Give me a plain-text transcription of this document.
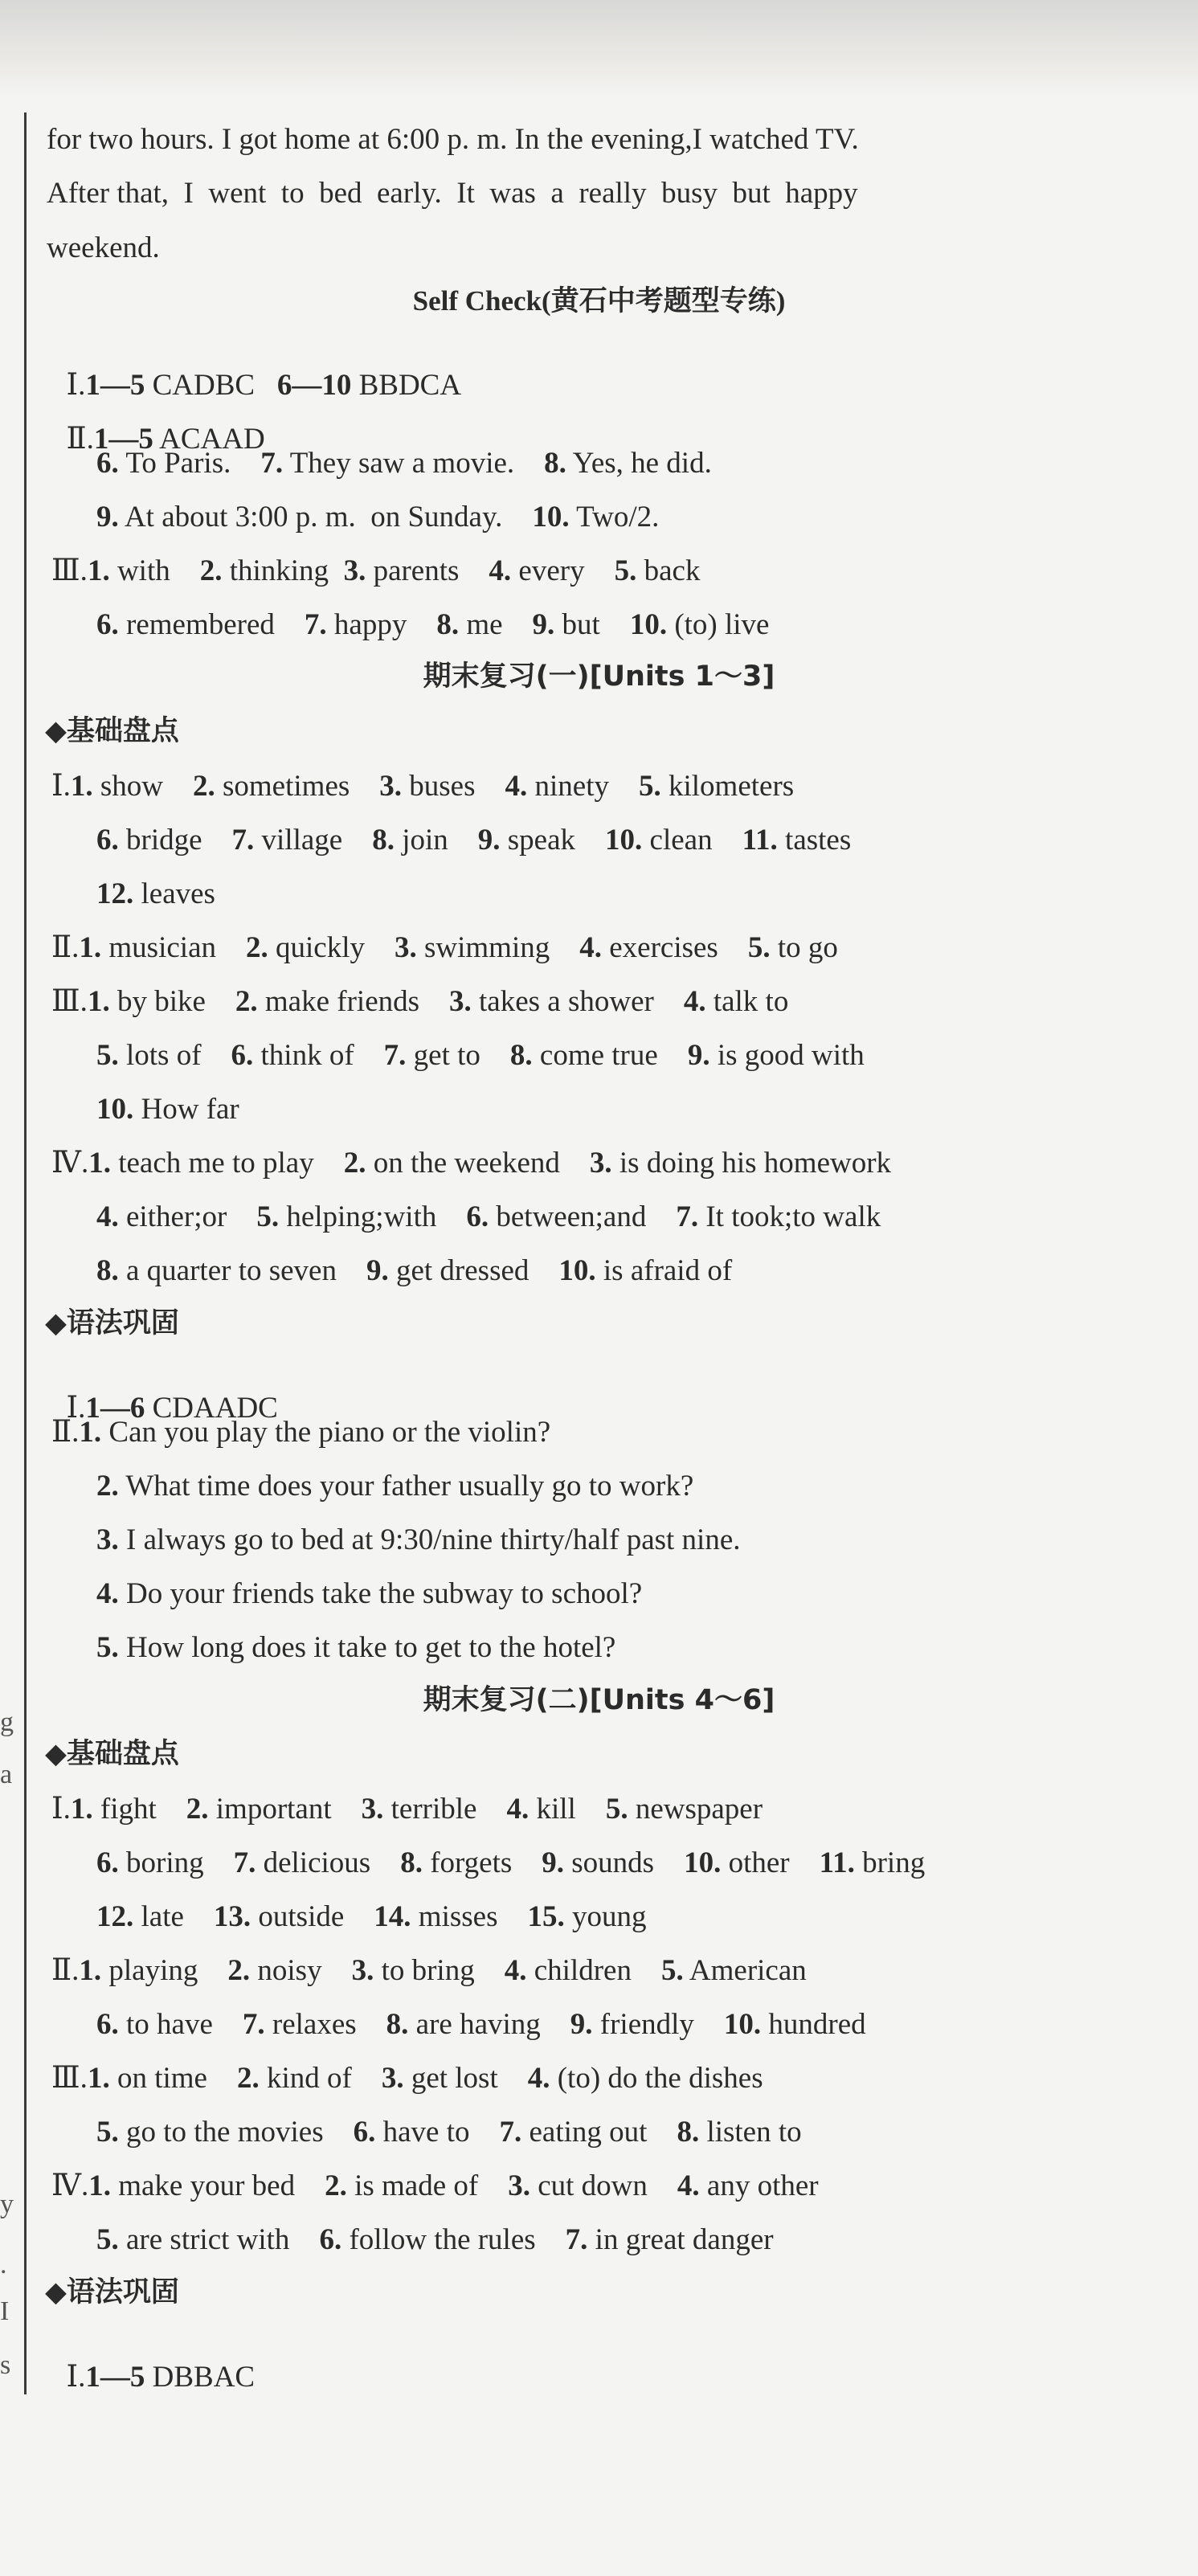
g
a
y
.
I
s
for two hours. I got home at 6:00 p. m. In the evening,I watched TV.
After that,  I  went  to  bed  early.  It  was  a  really  busy  but  happy
weekend.
Self Check(黄石中考题型专练)

Ⅰ.1—5 CADBC   6—10 BBDCA

Ⅱ.1—5 ACAAD

6. To Paris.    7. They saw a movie.    8. Yes, he did.
9. At about 3:00 p. m.  on Sunday.    10. Two/2.
Ⅲ.1. with    2. thinking  3. parents    4. every    5. back
6. remembered    7. happy    8. me    9. but    10. (to) live
期末复习(一)[Units 1～3]
◆基础盘点
Ⅰ.1. show    2. sometimes    3. buses    4. ninety    5. kilometers
6. bridge    7. village    8. join    9. speak    10. clean    11. tastes
12. leaves
Ⅱ.1. musician    2. quickly    3. swimming    4. exercises    5. to go
Ⅲ.1. by bike    2. make friends    3. takes a shower    4. talk to
5. lots of    6. think of    7. get to    8. come true    9. is good with
10. How far
Ⅳ.1. teach me to play    2. on the weekend    3. is doing his homework
4. either;or    5. helping;with    6. between;and    7. It took;to walk
8. a quarter to seven    9. get dressed    10. is afraid of
◆语法巩固

Ⅰ.1—6 CDAADC

Ⅱ.1. Can you play the piano or the violin?
2. What time does your father usually go to work?
3. I always go to bed at 9:30/nine thirty/half past nine.
4. Do your friends take the subway to school?
5. How long does it take to get to the hotel?
期末复习(二)[Units 4～6]
◆基础盘点
Ⅰ.1. fight    2. important    3. terrible    4. kill    5. newspaper
6. boring    7. delicious    8. forgets    9. sounds    10. other    11. bring
12. late    13. outside    14. misses    15. young
Ⅱ.1. playing    2. noisy    3. to bring    4. children    5. American
6. to have    7. relaxes    8. are having    9. friendly    10. hundred
Ⅲ.1. on time    2. kind of    3. get lost    4. (to) do the dishes
5. go to the movies    6. have to    7. eating out    8. listen to
Ⅳ.1. make your bed    2. is made of    3. cut down    4. any other
5. are strict with    6. follow the rules    7. in great danger
◆语法巩固

Ⅰ.1—5 DBBAC
